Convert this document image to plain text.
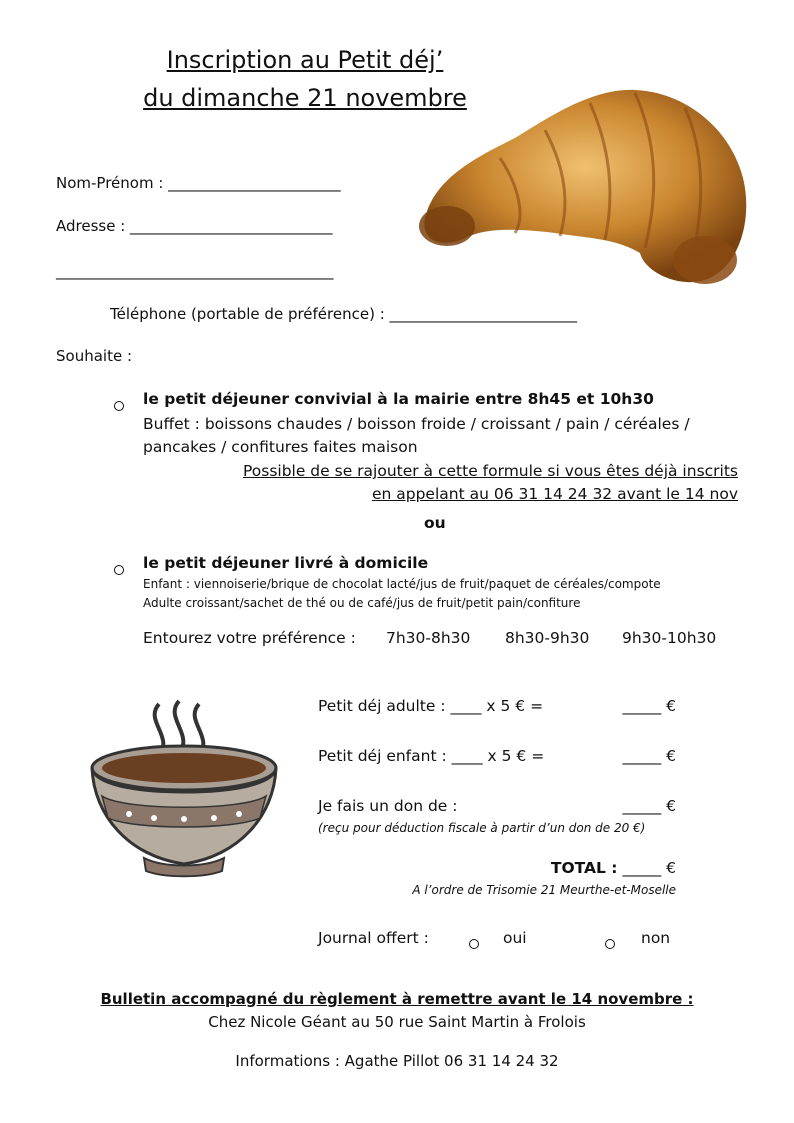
Inscription au Petit déj’
du dimanche 21 novembre
Nom-Prénom : _______________________
Adresse : ___________________________
_____________________________________
Téléphone (portable de préférence) : _________________________
Souhaite :
le petit déjeuner convivial à la mairie entre 8h45 et 10h30
Buffet : boissons chaudes / boisson froide / croissant / pain / céréales /
pancakes / confitures faites maison
Possible de se rajouter à cette formule si vous êtes déjà inscrits
en appelant au 06 31 14 24 32 avant le 14 nov
ou
le petit déjeuner livré à domicile
Enfant : viennoiserie/brique de chocolat lacté/jus de fruit/paquet de céréales/compote
Adulte croissant/sachet de thé ou de café/jus de fruit/petit pain/confiture
Entourez votre préférence : 7h30-8h30 8h30-9h30 9h30-10h30
Petit déj adulte : ____ x 5 € =	_____ €
Petit déj enfant : ____ x 5 € =	_____ €
Je fais un don de :	_____ €
(reçu pour déduction fiscale à partir d’un don de 20 €)
TOTAL : _____ €
A l’ordre de Trisomie 21 Meurthe-et-Moselle
Journal offert :	oui	non
Bulletin accompagné du règlement à remettre avant le 14 novembre :
Chez Nicole Géant au 50 rue Saint Martin à Frolois
Informations : Agathe Pillot 06 31 14 24 32
